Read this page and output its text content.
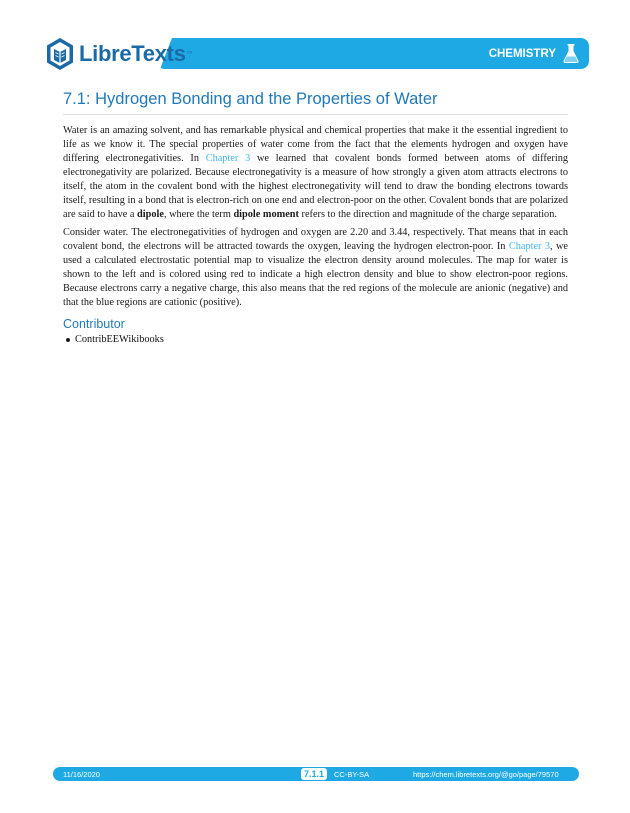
LibreTexts ™	CHEMISTRY
7.1: Hydrogen Bonding and the Properties of Water

Water is an amazing solvent, and has remarkable physical and chemical properties that make it the essential ingredient to life as we know it. The special properties of water come from the fact that the elements hydrogen and oxygen have differing electronegativities. In Chapter 3 we learned that covalent bonds formed between atoms of differing electronegativity are polarized. Because electronegativity is a measure of how strongly a given atom attracts electrons to itself, the atom in the covalent bond with the highest electronegativity will tend to draw the bonding electrons towards itself, resulting in a bond that is electron-rich on one end and electron-poor on the other. Covalent bonds that are polarized are said to have a dipole, where the term dipole moment refers to the direction and magnitude of the charge separation.

Consider water. The electronegativities of hydrogen and oxygen are 2.20 and 3.44, respectively. That means that in each covalent bond, the electrons will be attracted towards the oxygen, leaving the hydrogen electron-poor. In Chapter 3, we used a calculated electrostatic potential map to visualize the electron density around molecules. The map for water is shown to the left and is colored using red to indicate a high electron density and blue to show electron-poor regions. Because electrons carry a negative charge, this also means that the red regions of the molecule are anionic (negative) and that the blue regions are cationic (positive).

Contributor
ContribEEWikibooks
11/16/2020	7.1.1	CC-BY-SA	https://chem.libretexts.org/@go/page/79570
